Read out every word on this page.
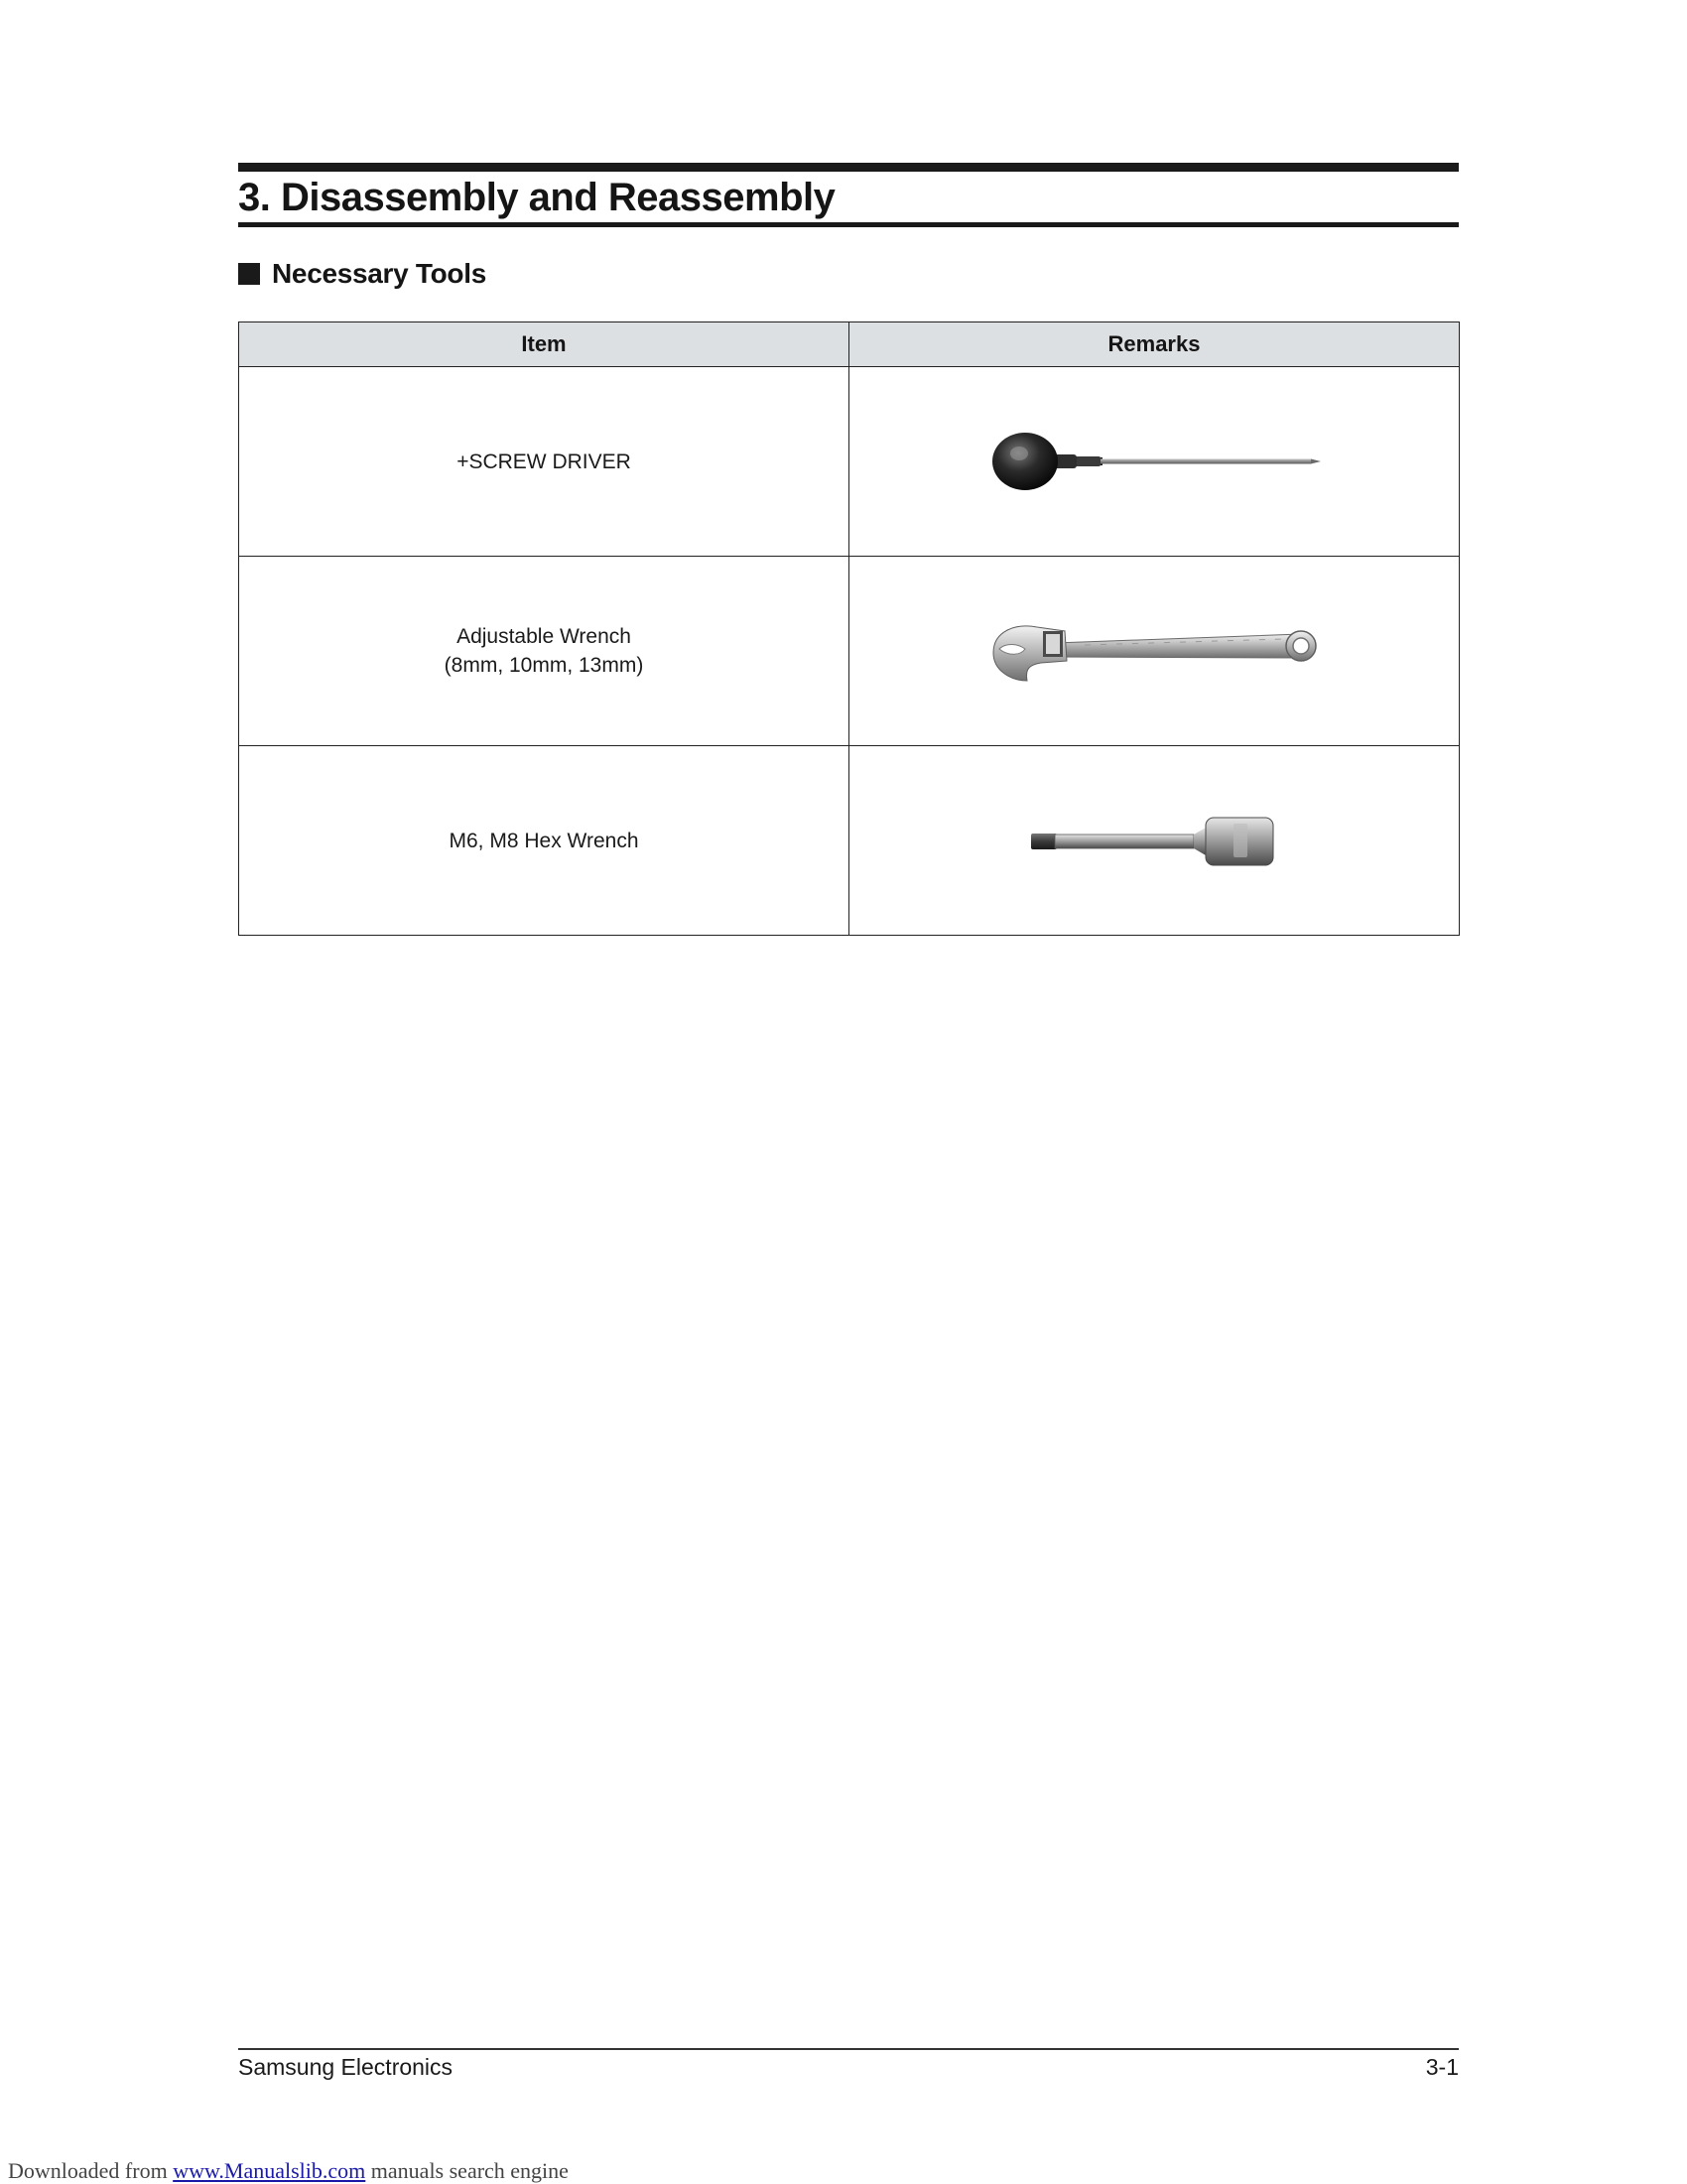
3. Disassembly and Reassembly
Necessary Tools
Item	Remarks

+SCREW DRIVER

Adjustable Wrench
(8mm, 10mm, 13mm)

M6, M8 Hex Wrench

Samsung Electronics	3-1
Downloaded from www.Manualslib.com manuals search engine
